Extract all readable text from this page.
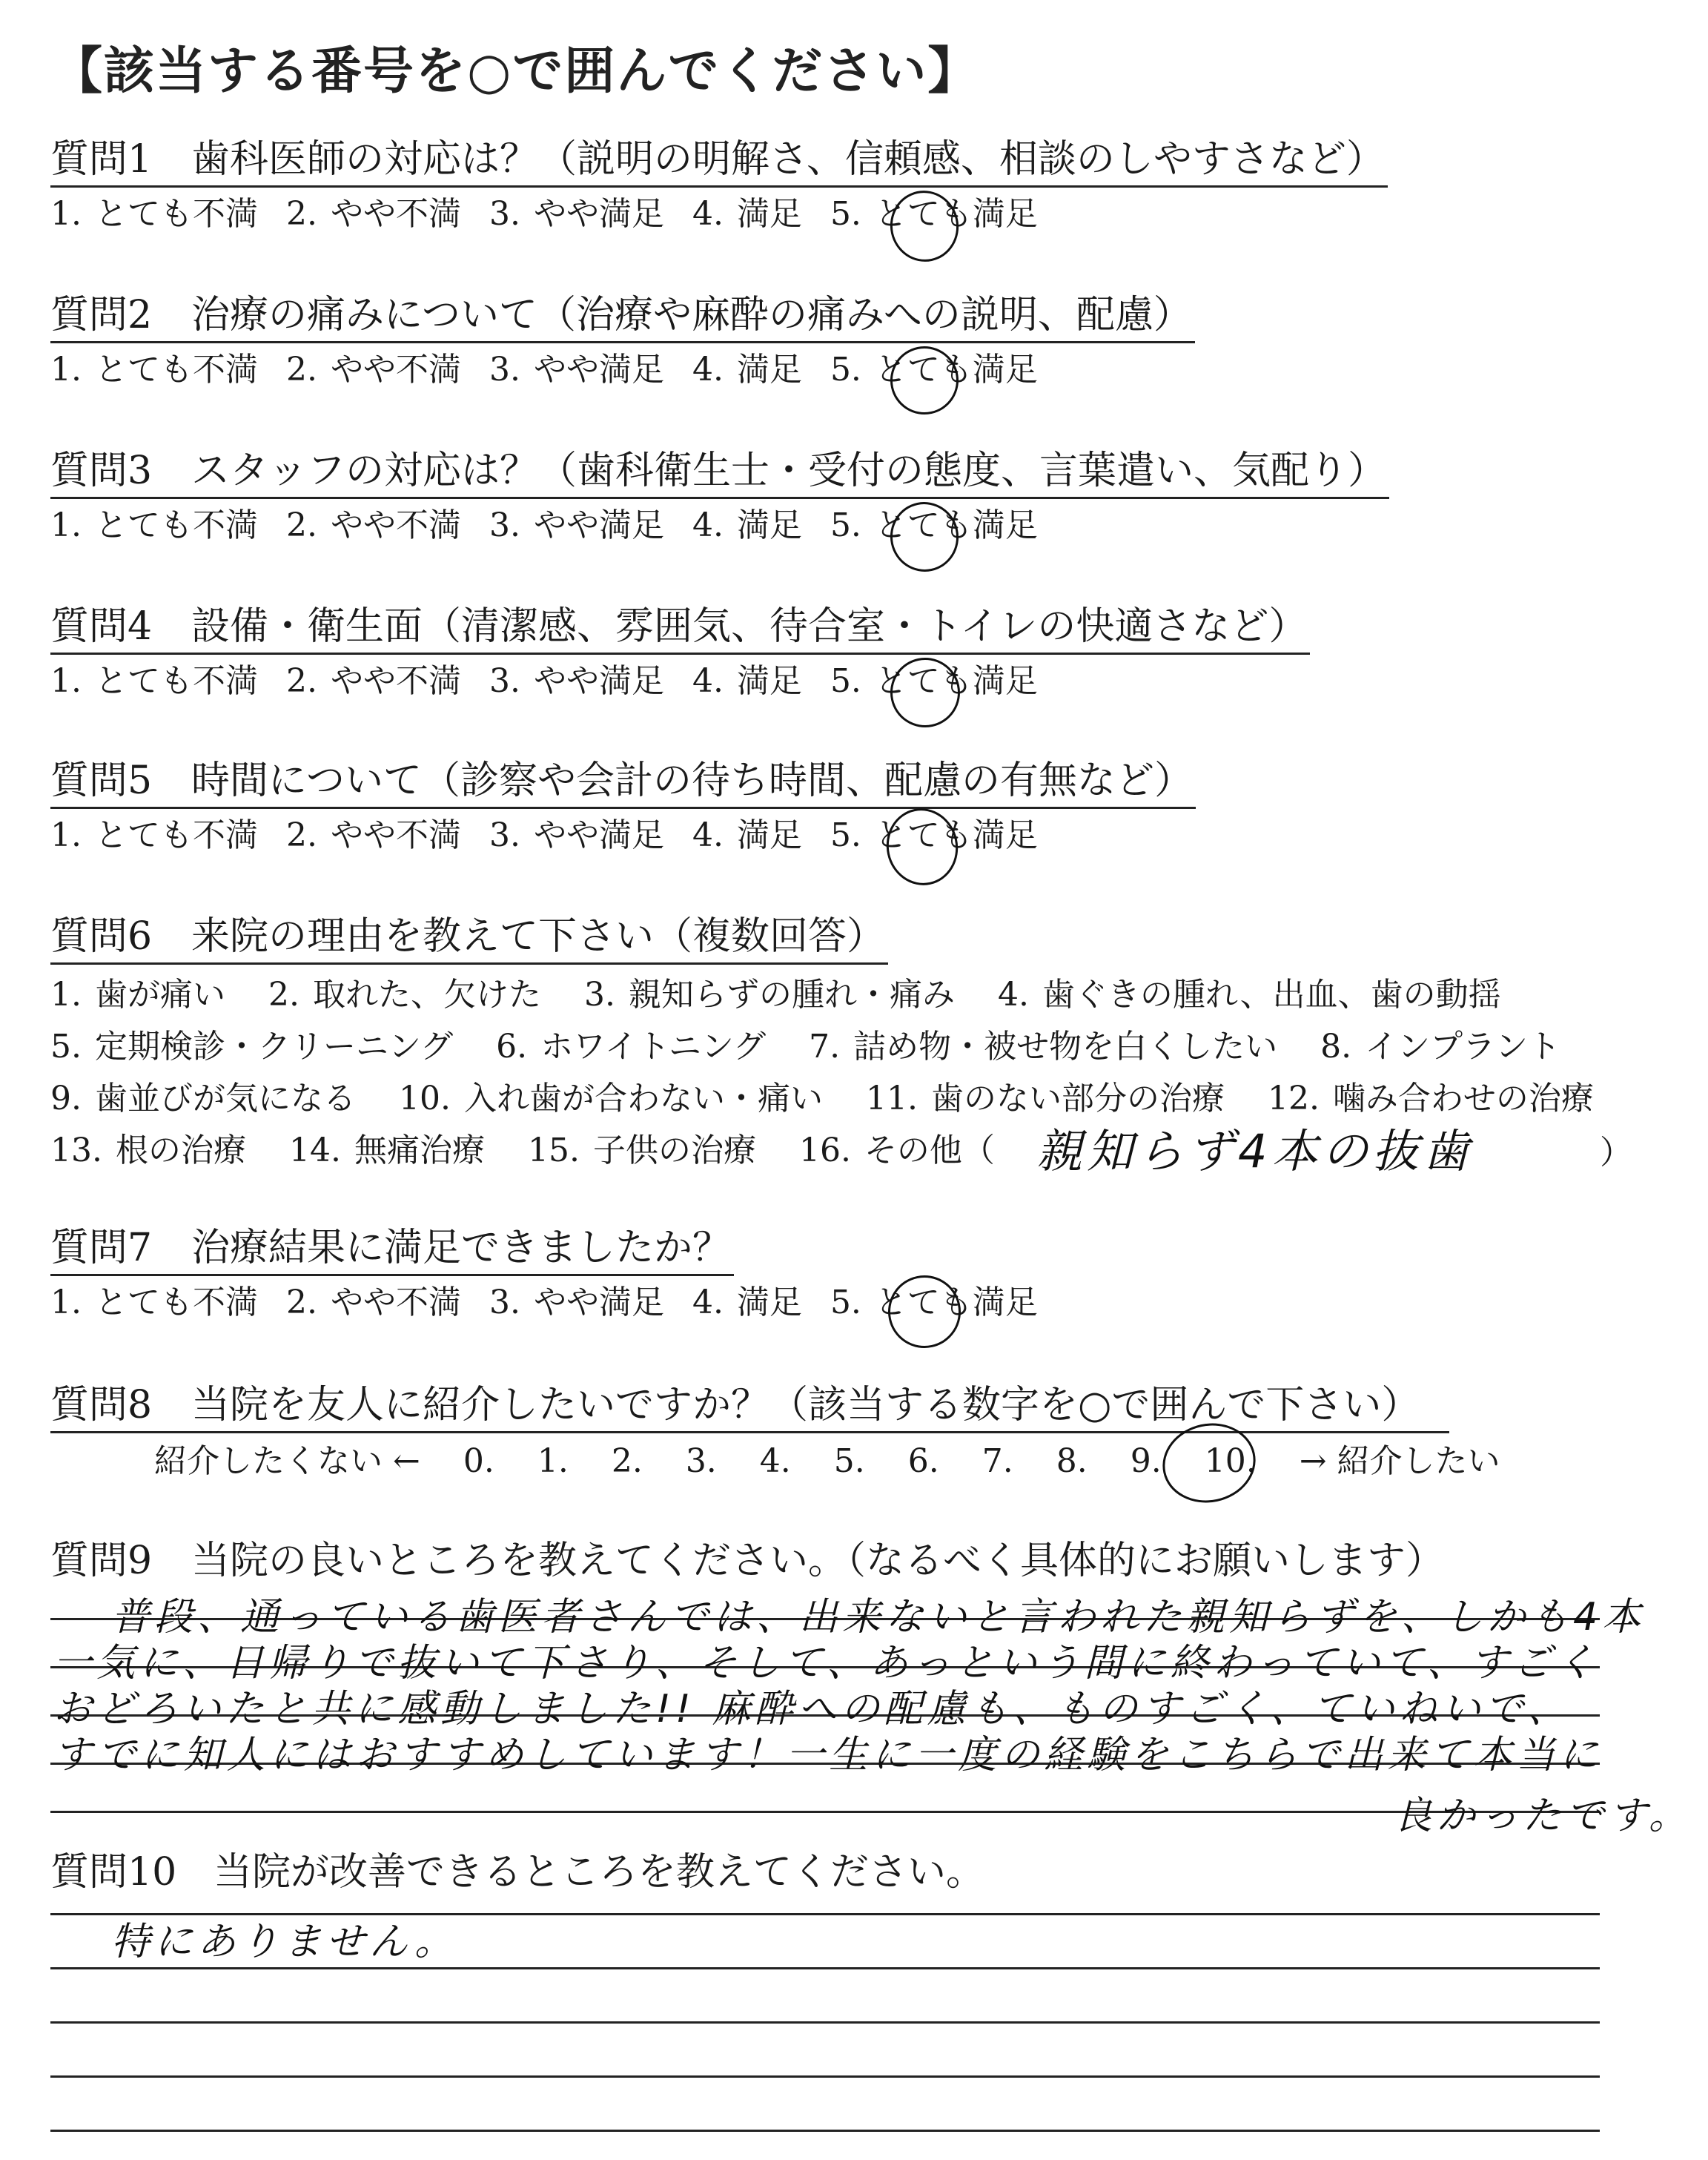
【該当する番号を○で囲んでください】
質問1 歯科医師の対応は？（説明の明解さ、信頼感、相談のしやすさなど）
1. とても不満 2. やや不満 3. やや満足 4. 満足 5. とても満足
質問2 治療の痛みについて（治療や麻酔の痛みへの説明、配慮）
1. とても不満 2. やや不満 3. やや満足 4. 満足 5. とても満足
質問3 スタッフの対応は？（歯科衛生士・受付の態度、言葉遣い、気配り）
1. とても不満 2. やや不満 3. やや満足 4. 満足 5. とても満足
質問4 設備・衛生面（清潔感、雰囲気、待合室・トイレの快適さなど）
1. とても不満 2. やや不満 3. やや満足 4. 満足 5. とても満足
質問5 時間について（診察や会計の待ち時間、配慮の有無など）
1. とても不満 2. やや不満 3. やや満足 4. 満足 5. とても満足
質問6 来院の理由を教えて下さい（複数回答）
1. 歯が痛い 2. 取れた、欠けた 3. 親知らずの腫れ・痛み 4. 歯ぐきの腫れ、出血、歯の動揺
5. 定期検診・クリーニング 6. ホワイトニング 7. 詰め物・被せ物を白くしたい 8. インプラント
9. 歯並びが気になる 10. 入れ歯が合わない・痛い 11. 歯のない部分の治療 12. 噛み合わせの治療
13. 根の治療 14. 無痛治療 15. 子供の治療 16. その他（ 親知らず4本の抜歯	）
質問7 治療結果に満足できましたか？
1. とても不満 2. やや不満 3. やや満足 4. 満足 5. とても満足
質問8 当院を友人に紹介したいですか？（該当する数字を○で囲んで下さい）
紹介したくない ← 0. 1. 2. 3. 4. 5. 6. 7. 8. 9. 10. → 紹介したい
質問9 当院の良いところを教えてください。（なるべく具体的にお願いします）
普段、通っている歯医者さんでは、出来ないと言われた親知らずを、しかも4本
一気に、日帰りで抜いて下さり、そして、あっという間に終わっていて、すごく
おどろいたと共に感動しました!! 麻酔への配慮も、ものすごく、ていねいで、
すでに知人にはおすすめしています！一生に一度の経験をこちらで出来て本当に
良かったです。
質問10 当院が改善できるところを教えてください。
特にありません。
